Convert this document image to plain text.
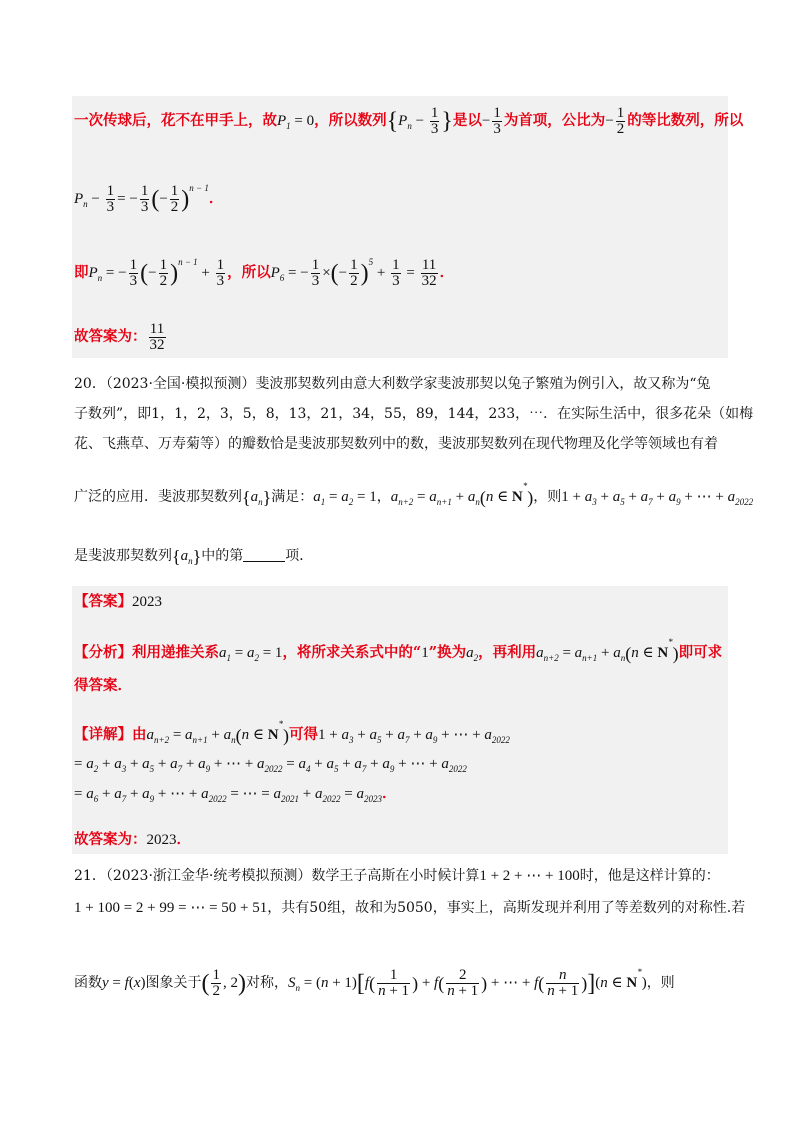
一次传球后，花不在甲手上，故$P_1 = 0$，所以数列{$P_n - \frac{1}{3}$ }是以− $\frac{1}{3}$ 为首项，公比为− $\frac{1}{2}$ 的等比数列，所以
$P_n - \frac{1}{3}$ = − $\frac{1}{3}$ (− $\frac{1}{2} )^{n - 1}$．
即$P_n$ = − $\frac{1}{3}$ (− $\frac{1}{2} )^{n - 1} + \frac{1}{3}$ ，所以$P_6$ = − $\frac{1}{3}$ ×(− $\frac{1}{2} )^5 + \frac{1}{3} = \frac{11}{32}$ ．
故答案为： $\frac{11}{32}$
20．（2023·全国·模拟预测）斐波那契数列由意大利数学家斐波那契以兔子繁殖为例引入，故又称为“兔
子数列”，即1，1，2，3，5，8，13，21，34，55，89，144，233，⋯．在实际生活中，很多花朵（如梅
花、飞燕草、万寿菊等）的瓣数恰是斐波那契数列中的数，斐波那契数列在现代物理及化学等领域也有着
广泛的应用．斐波那契数列$\{a_n\}$满足：$a_1 = a_2 = 1$，$a_{n+2} = a_{n+1} + a_n(n$ ∈ N*)，则$1 + a_3 + a_5 + a_7 + a_9$ + ⋯ + $a_{2022}$
是斐波那契数列$\{a_n\}$中的第	项．
【答案】2023
【分析】利用递推关系$a_1 = a_2 = 1$，将所求关系式中的“1”换为$a_2$，再利用$a_{n+2} = a_{n+1} + a_n(n$ ∈ N*)即可求
得答案．
【详解】由$a_{n+2} = a_{n+1} + a_n(n$ ∈ N*)可得$1 + a_3 + a_5 + a_7 + a_9$ + ⋯ + $a_{2022}$
= $a_2 + a_3 + a_5 + a_7 + a_9$ + ⋯ + $a_{2022} = a_4 + a_5 + a_7 + a_9$ + ⋯ + $a_{2022}$
= $a_6 + a_7 + a_9$ + ⋯ + $a_{2022}$ = ⋯ = $a_{2021} + a_{2022} = a_{2023}$．
故答案为：2023．
21．（2023·浙江金华·统考模拟预测）数学王子高斯在小时候计算1 + 2 + ⋯ + 100时，他是这样计算的：
1 + 100 = 2 + 99 = ⋯ = 50 + 51，共有50组，故和为5050，事实上，高斯发现并利用了等差数列的对称性.若
函数y = f(x)图象关于( $\frac{1}{2}$ , 2)对称，$S_n = (n + 1)[f( \frac{1}{n + 1}$ ) + $f( \frac{2}{n + 1}$ ) + ⋯ + $f( \frac{n}{n + 1} )](n$ ∈ N*)，则
